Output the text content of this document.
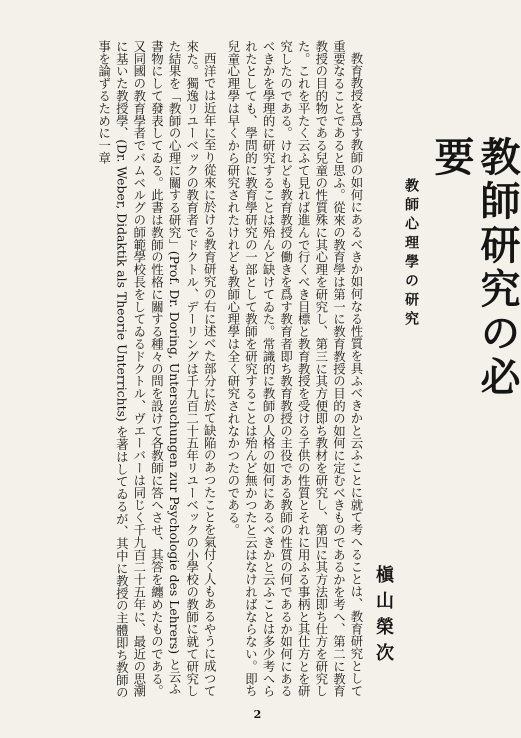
教師研究の必要
教師心理學の研究
槇山榮次

教育教授を爲す教師の如何にあるべきか如何なる性質を具ふべきかと云ふことに就て考へることは、教育研究として重要なることであると思ふ。從來の教育學は第一に教育教授の目的の如何に定むべきものであるかを考へ、第二に教育教授の目的物である兒童の性質殊に其心理を研究し、第三に其方便即ち教材を研究し、第四に其方法即ち仕方を研究した。これを平たく云ふて見れば進んで行くべき目標と教育教授を受ける子供の性質とそれに用ふる事柄と其仕方とを研究したのである。けれども教育教授の働きを爲す教育者即ち教育教授の主役である教師の性質の何であるか如何にあるべきかを學理的に研究することは殆んど缺けてゐた。常識的に教師の人格の如何にあるべきかと云ふことは多少考へられたとしても、學問的に教育學研究の一部として教師を研究することは殆んど無かつたと云はなければならない。即ち兒童心理學は早くから研究されたけれども教師心理學は全く研究されなかつたのである。

西洋では近年に至り從來に於ける教育研究の右に述べた部分に於て缺陥のあつたことを氣付く人もあるやうに成つて來た。獨逸リユーベックの教育者でドクトル、デーリングは千九百二十五年リユーベックの小學校の教師に就て研究した結果を「教師の心理に關する研究」(Prof. Dr. Doring, Untersuchungen zur Psychologie des Lehrers) と云ふ書物にして發表してゐる。此書は教師の性格に關する種々の問を設けて各教師に答へさせ、其答を纏めたものである。又同國の教育學者でバムベルグの師範學校長をしてゐるドクトル、ヴエーバーは同じく千九百二十五年に、最近の思潮に基いた教授學、(Dr. Weber, Didaktik als Theorie Unterrichts) を著はしてゐるが、其中に教授の主體即ち教師の事を論ずるために一章

2
